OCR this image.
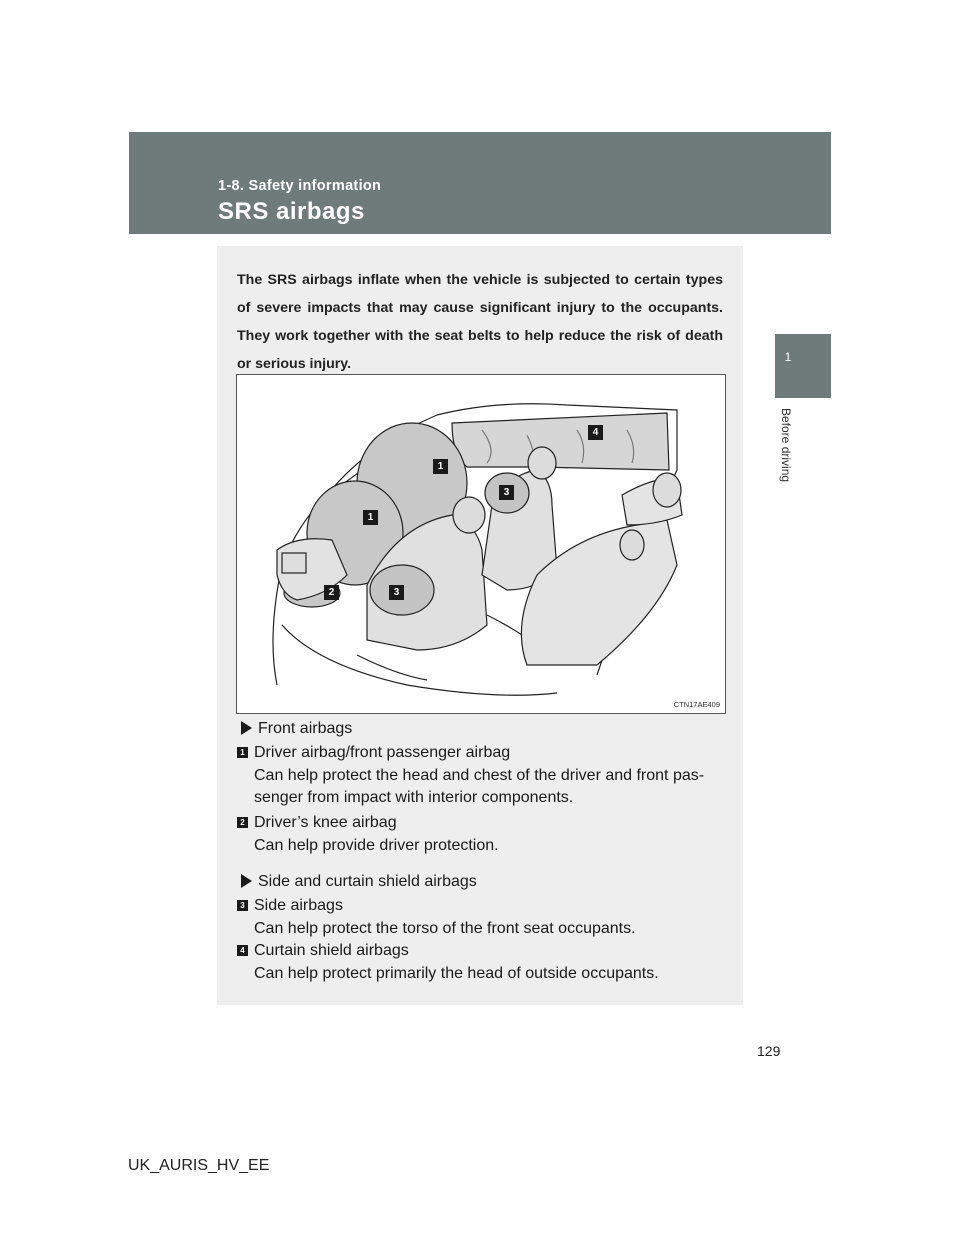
1-8. Safety information
SRS airbags
1
Before driving
The SRS airbags inflate when the vehicle is subjected to certain types of severe impacts that may cause significant injury to the occupants. They work together with the seat belts to help reduce the risk of death or serious injury.
1
1
2	3
3
4
CTN17AE409
Front airbags
1 Driver airbag/front passenger airbag
Can help protect the head and chest of the driver and front pas-
senger from impact with interior components.
2 Driver’s knee airbag
Can help provide driver protection.
Side and curtain shield airbags
3 Side airbags
Can help protect the torso of the front seat occupants.
4 Curtain shield airbags
Can help protect primarily the head of outside occupants.
129
UK_AURIS_HV_EE
